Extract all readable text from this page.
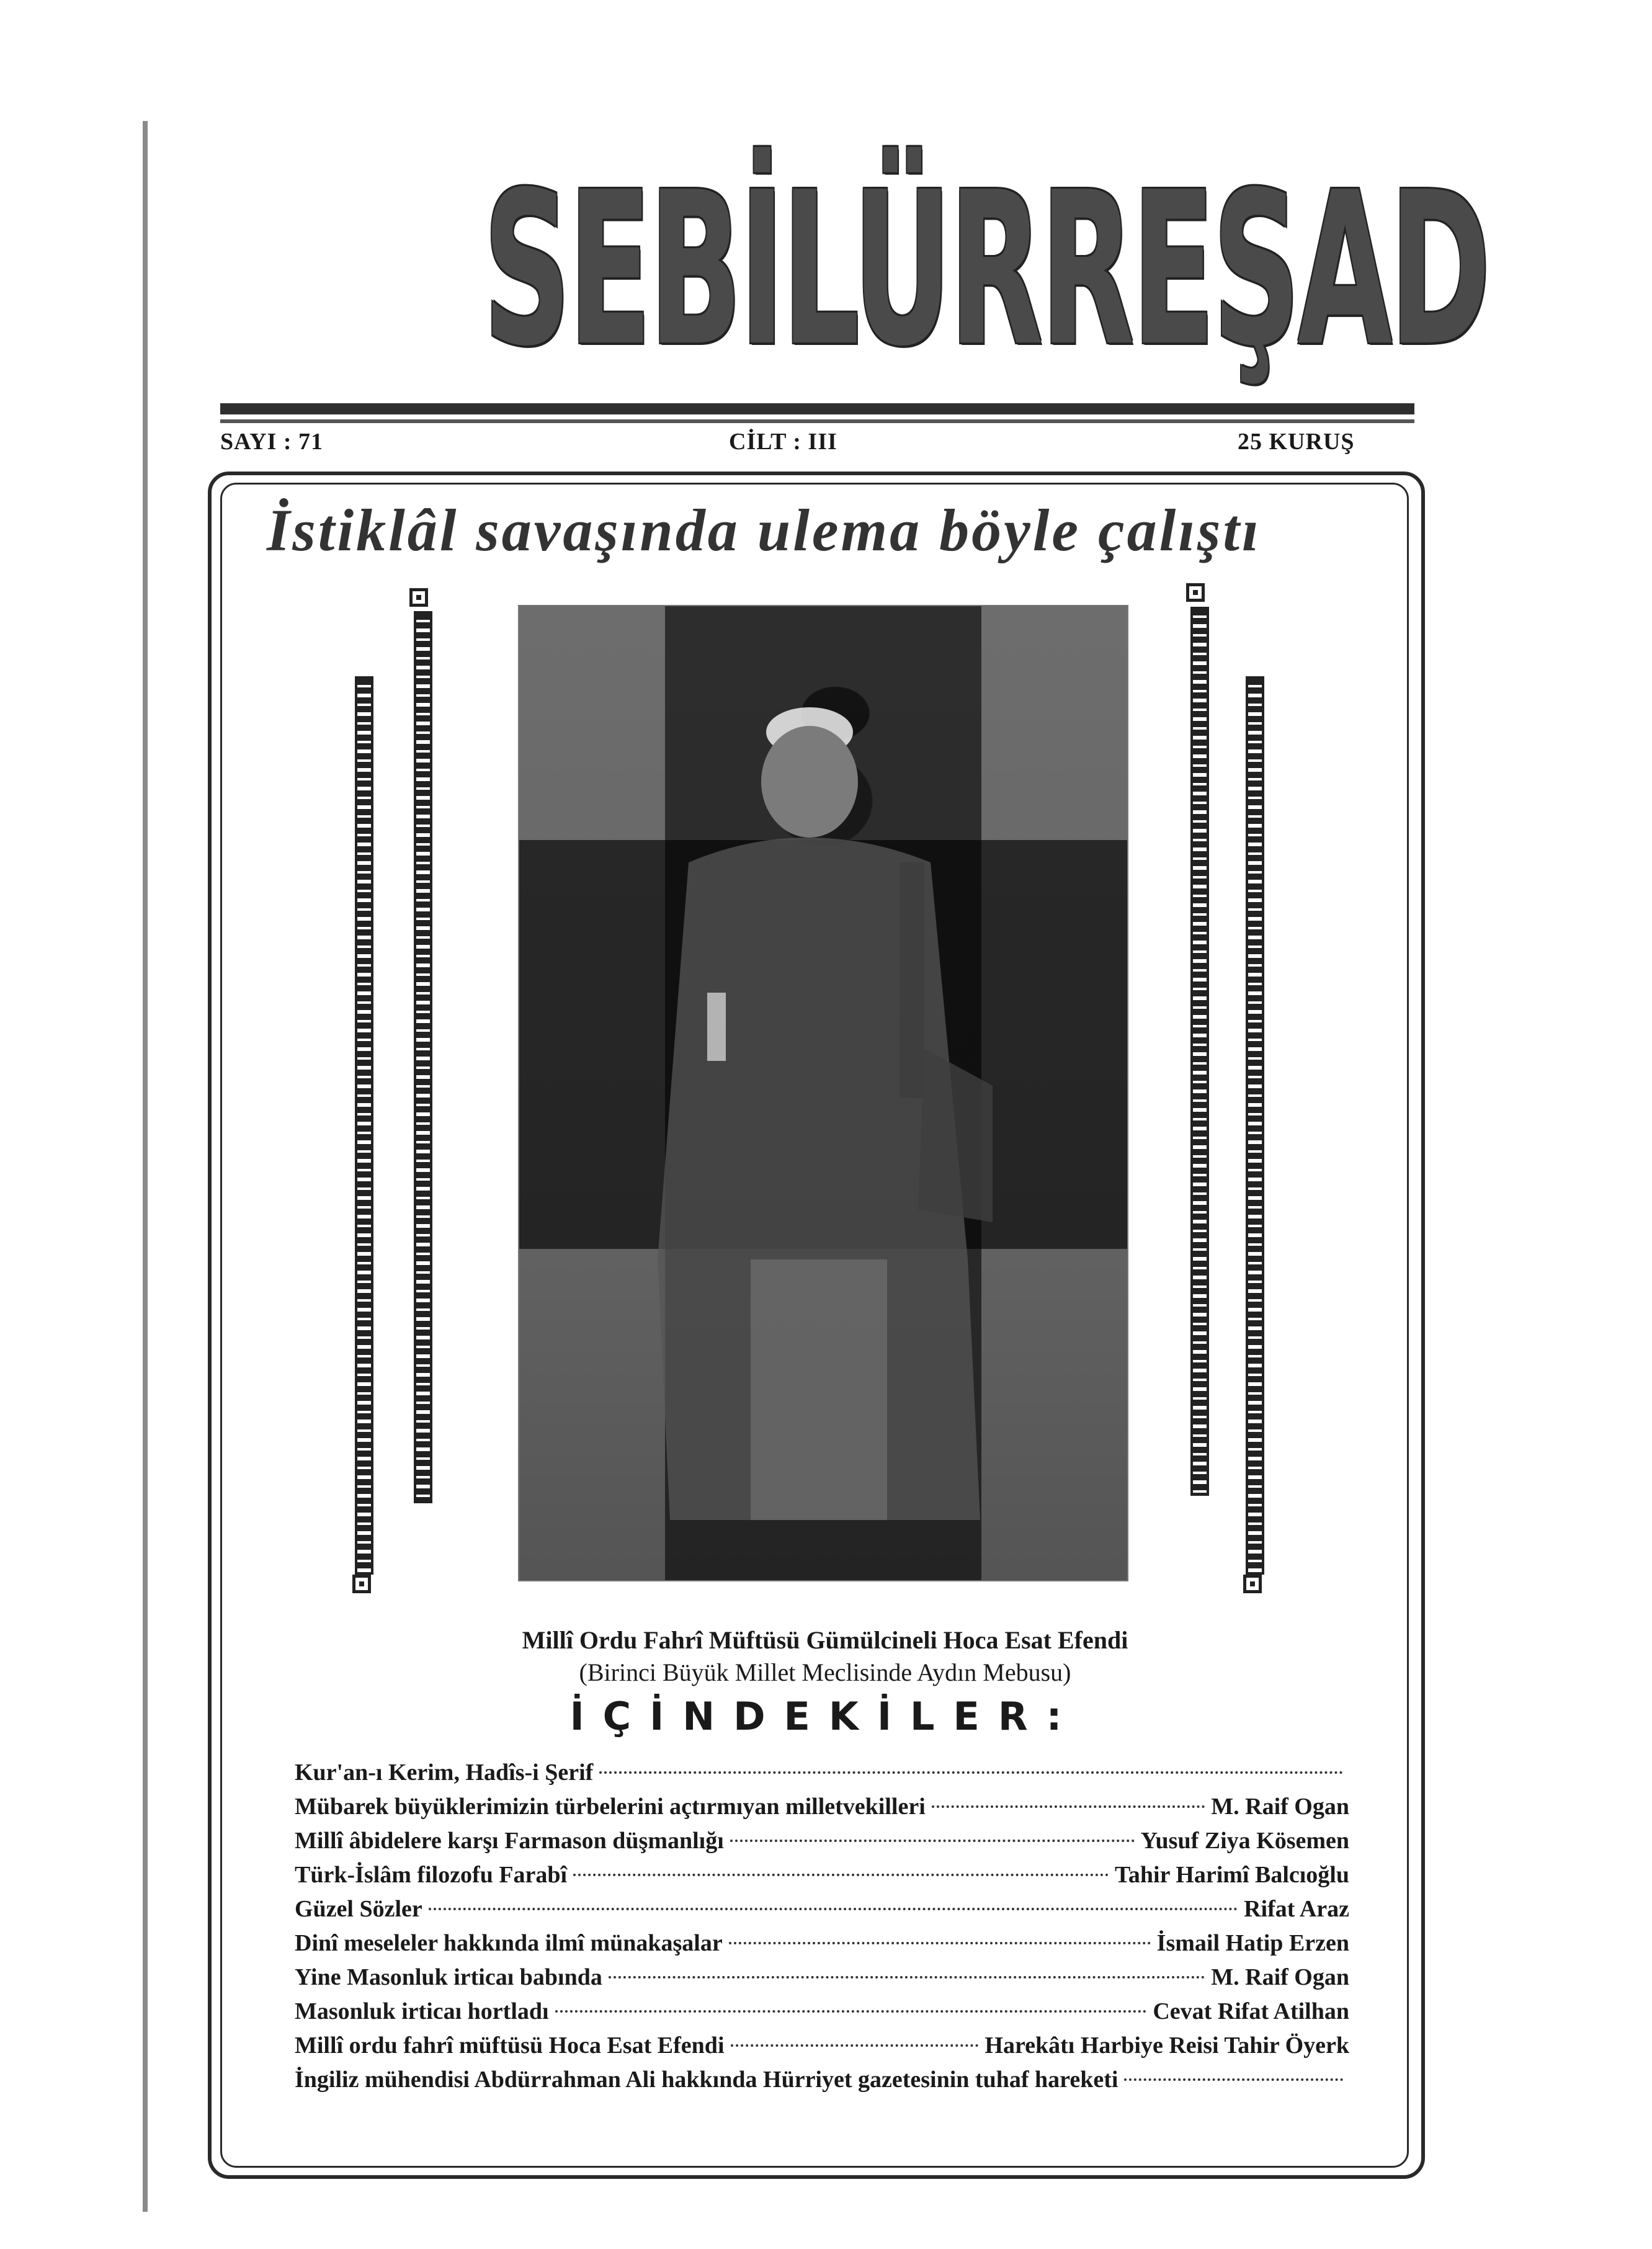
SEBİLÜRREŞAD
SAYI : 71	CİLT : III	25 KURUŞ
İstiklâl savaşında ulema böyle çalıştı
Millî Ordu Fahrî Müftüsü Gümülcineli Hoca Esat Efendi
(Birinci Büyük Millet Meclisinde Aydın Mebusu)
İÇİNDEKİLER:
Kur'an-ı Kerim, Hadîs-i Şerif
Mübarek büyüklerimizin türbelerini açtırmıyan milletvekilleri	M. Raif Ogan
Millî âbidelere karşı Farmason düşmanlığı	Yusuf Ziya Kösemen
Türk-İslâm filozofu Farabî	Tahir Harimî Balcıoğlu
Güzel Sözler	Rifat Araz
Dinî meseleler hakkında ilmî münakaşalar	İsmail Hatip Erzen
Yine Masonluk irticaı babında	M. Raif Ogan
Masonluk irticaı hortladı	Cevat Rifat Atilhan
Millî ordu fahrî müftüsü Hoca Esat Efendi	Harekâtı Harbiye Reisi Tahir Öyerk
İngiliz mühendisi Abdürrahman Ali hakkında Hürriyet gazetesinin tuhaf hareketi
